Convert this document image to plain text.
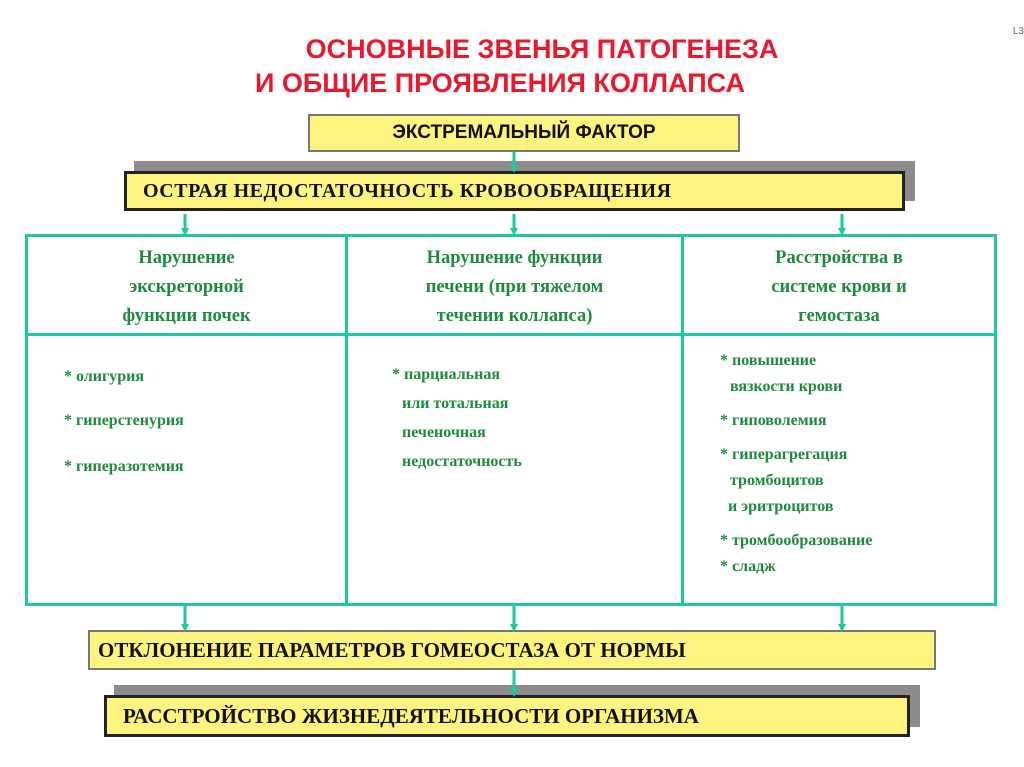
ОСНОВНЫЕ ЗВЕНЬЯ ПАТОГЕНЕЗА
И ОБЩИЕ ПРОЯВЛЕНИЯ КОЛЛАПСА
L3
ЭКСТРЕМАЛЬНЫЙ ФАКТОР
ОСТРАЯ НЕДОСТАТОЧНОСТЬ КРОВООБРАЩЕНИЯ
Нарушение
экскреторной
функции почек
Нарушение функции
печени (при тяжелом
течении коллапса)
Расстройства в
системе крови и
гемостаза
* олигурия
* гиперстенурия
* гиперазотемия
* парциальная
или тотальная
печеночная
недостаточность
* повышение
вязкости крови
* гиповолемия
* гиперагрегация
тромбоцитов
и эритроцитов
* тромбообразование
* сладж
ОТКЛОНЕНИЕ ПАРАМЕТРОВ ГОМЕОСТАЗА ОТ НОРМЫ
РАССТРОЙСТВО ЖИЗНЕДЕЯТЕЛЬНОСТИ ОРГАНИЗМА
